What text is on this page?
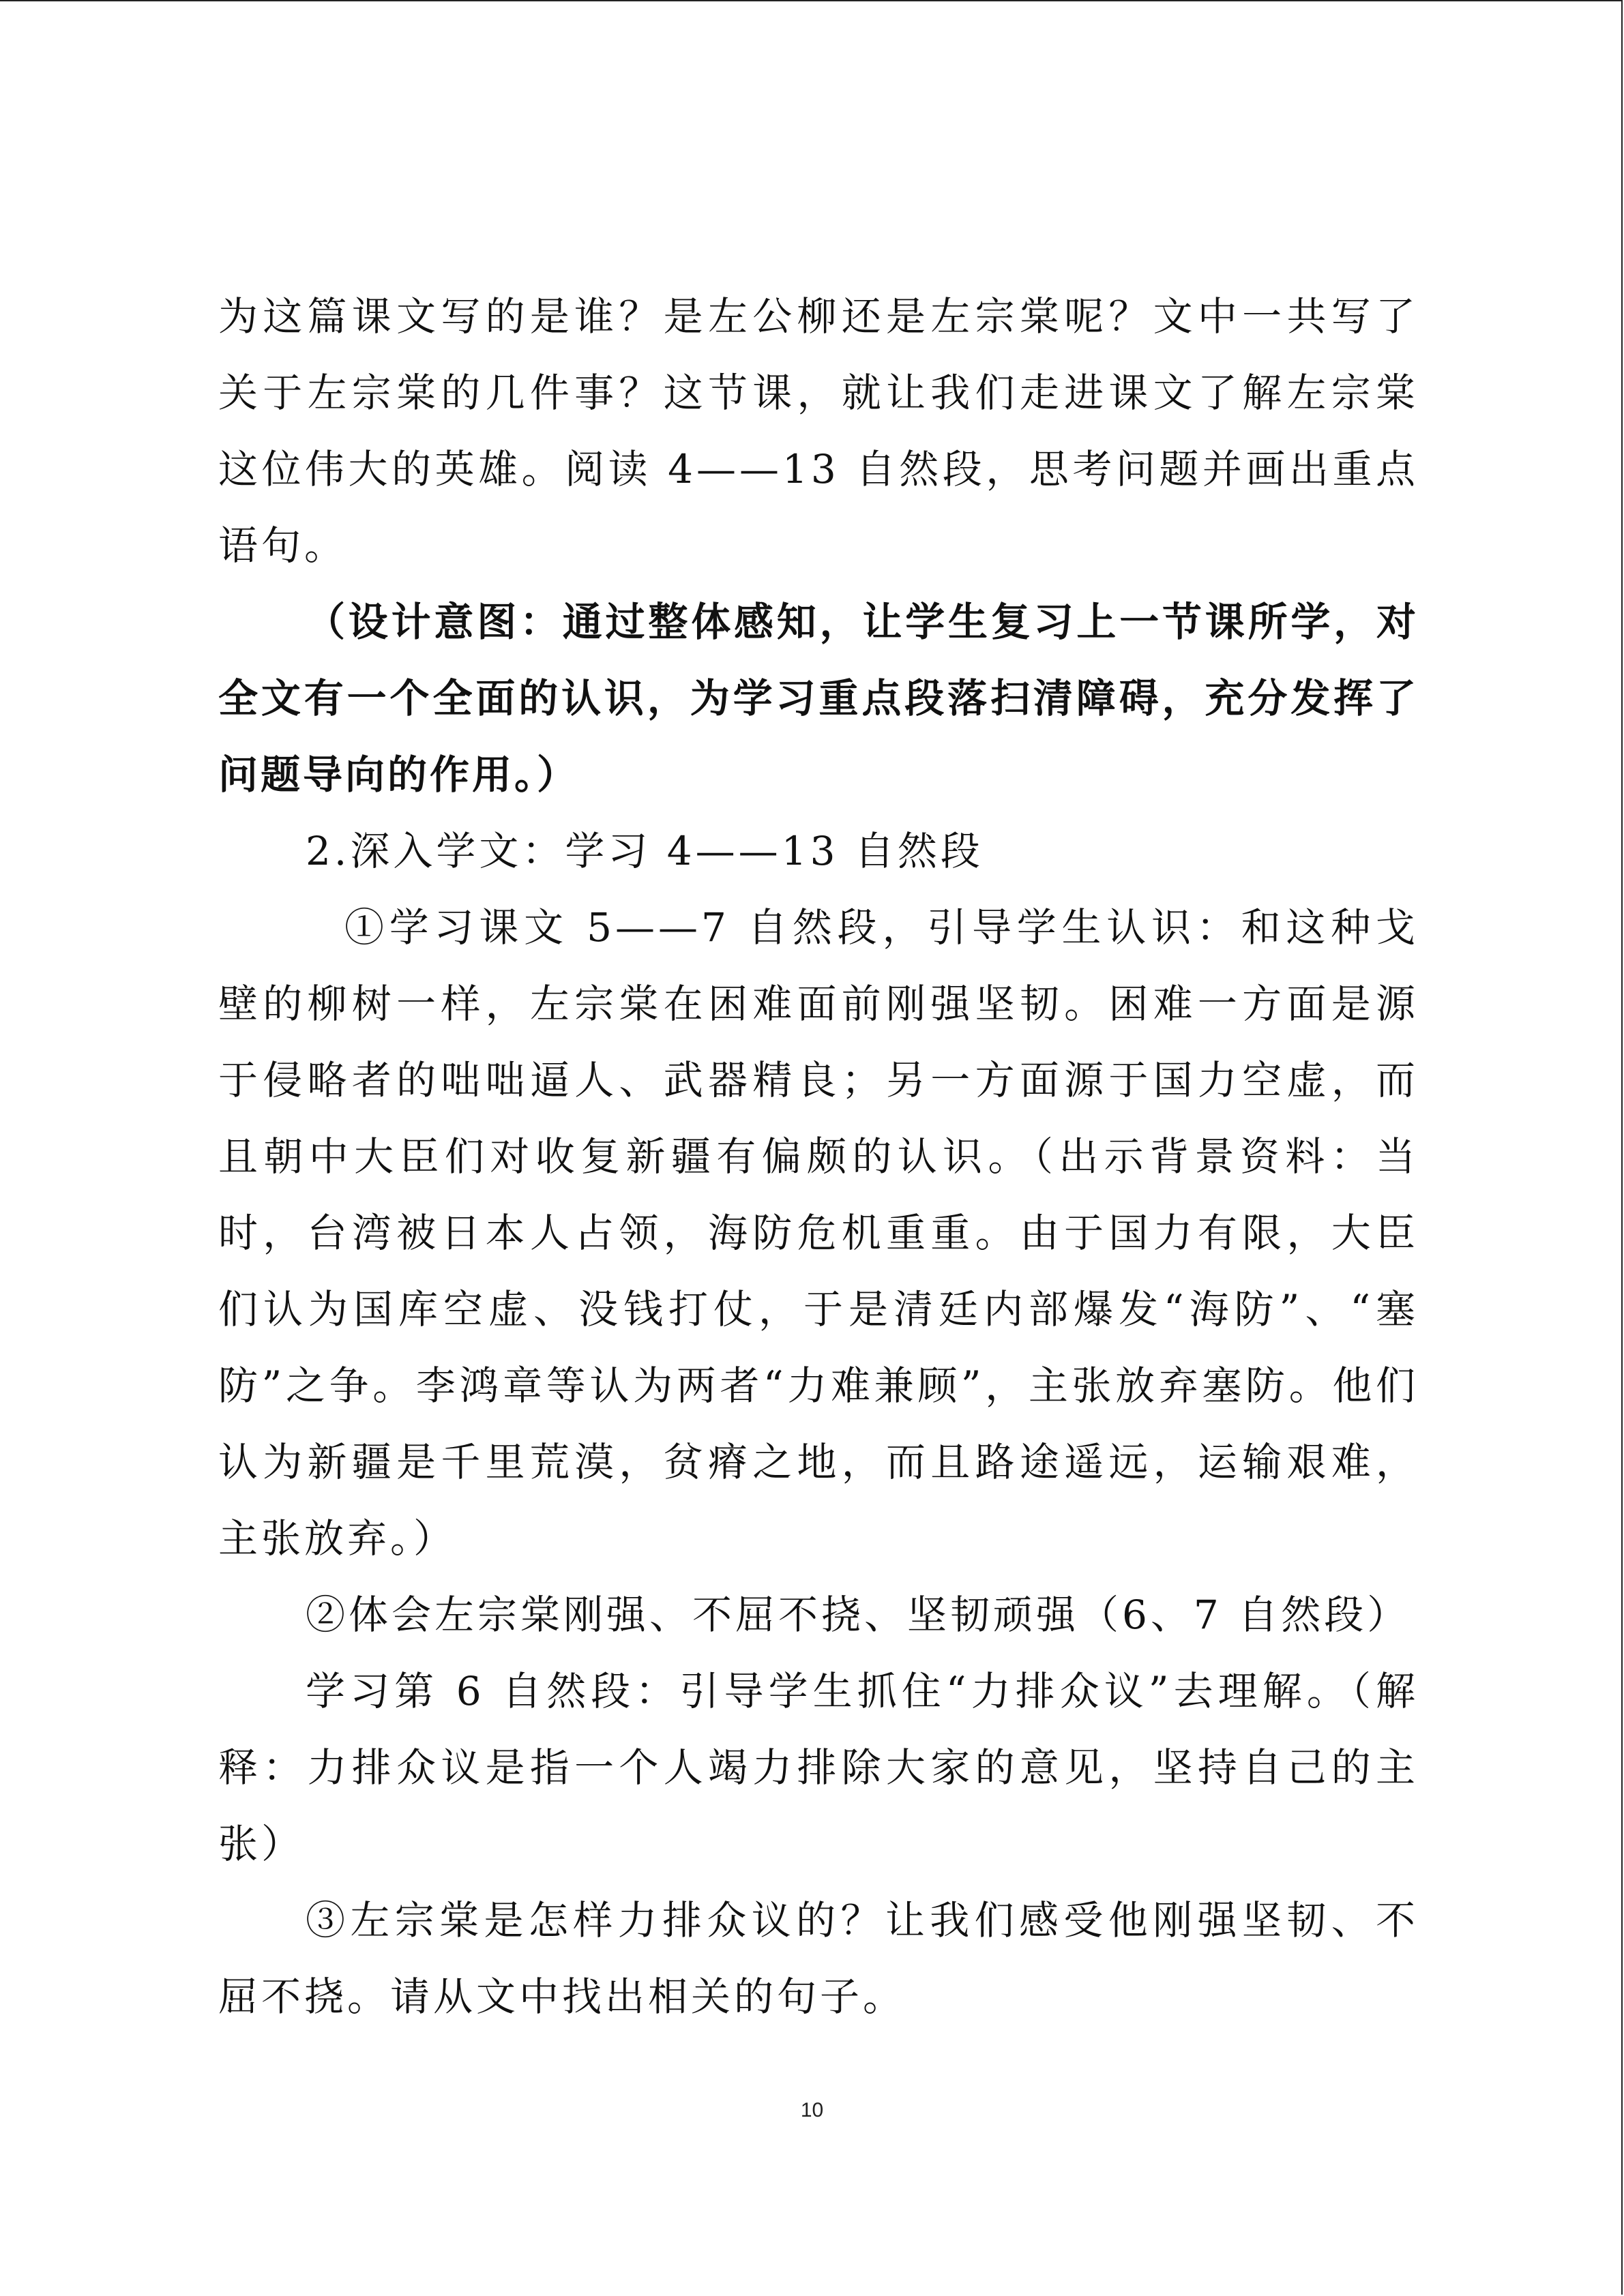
为这篇课文写的是谁？是左公柳还是左宗棠呢？文中一共写了关于左宗棠的几件事？这节课，就让我们走进课文了解左宗棠这位伟大的英雄。阅读 4——13 自然段，思考问题并画出重点语句。

（设计意图：通过整体感知，让学生复习上一节课所学，对全文有一个全面的认识，为学习重点段落扫清障碍，充分发挥了问题导向的作用。）

2.深入学文：学习 4——13 自然段

①学习课文 5——7 自然段，引导学生认识：和这种戈壁的柳树一样，左宗棠在困难面前刚强坚韧。困难一方面是源于侵略者的咄咄逼人、武器精良；另一方面源于国力空虚，而且朝中大臣们对收复新疆有偏颇的认识。（出示背景资料：当时，台湾被日本人占领，海防危机重重。由于国力有限，大臣们认为国库空虚、没钱打仗，于是清廷内部爆发“海防”、“塞防”之争。李鸿章等认为两者“力难兼顾”，主张放弃塞防。他们认为新疆是千里荒漠，贫瘠之地，而且路途遥远，运输艰难，主张放弃。）

②体会左宗棠刚强、不屈不挠、坚韧顽强（6、7 自然段）

学习第 6 自然段：引导学生抓住“力排众议”去理解。（解释：力排众议是指一个人竭力排除大家的意见，坚持自己的主张）

③左宗棠是怎样力排众议的？让我们感受他刚强坚韧、不屈不挠。请从文中找出相关的句子。

10
